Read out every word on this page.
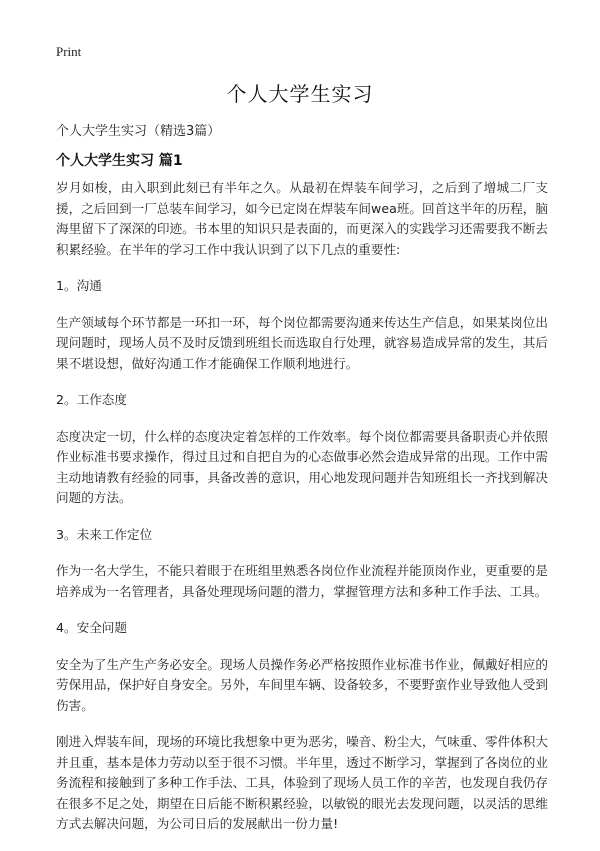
Print
个人大学生实习
个人大学生实习（精选3篇）
个人大学生实习 篇1

岁月如梭，由入职到此刻已有半年之久。从最初在焊装车间学习，之后到了增城二厂支援，之后回到一厂总装车间学习，如今已定岗在焊装车间wea班。回首这半年的历程，脑海里留下了深深的印迹。书本里的知识只是表面的，而更深入的实践学习还需要我不断去积累经验。在半年的学习工作中我认识到了以下几点的重要性:

1。沟通

生产领域每个环节都是一环扣一环，每个岗位都需要沟通来传达生产信息，如果某岗位出现问题时，现场人员不及时反馈到班组长而选取自行处理，就容易造成异常的发生，其后果不堪设想，做好沟通工作才能确保工作顺利地进行。

2。工作态度

态度决定一切，什么样的态度决定着怎样的工作效率。每个岗位都需要具备职责心并依照作业标准书要求操作，得过且过和自把自为的心态做事必然会造成异常的出现。工作中需主动地请教有经验的同事，具备改善的意识，用心地发现问题并告知班组长一齐找到解决问题的方法。

3。未来工作定位

作为一名大学生，不能只着眼于在班组里熟悉各岗位作业流程并能顶岗作业，更重要的是培养成为一名管理者，具备处理现场问题的潜力，掌握管理方法和多种工作手法、工具。

4。安全问题

安全为了生产生产务必安全。现场人员操作务必严格按照作业标准书作业，佩戴好相应的劳保用品，保护好自身安全。另外，车间里车辆、设备较多，不要野蛮作业导致他人受到伤害。

刚进入焊装车间，现场的环境比我想象中更为恶劣，噪音、粉尘大，气味重、零件体积大并且重，基本是体力劳动以至于很不习惯。半年里，透过不断学习，掌握到了各岗位的业务流程和接触到了多种工作手法、工具，体验到了现场人员工作的辛苦，也发现自我仍存在很多不足之处，期望在日后能不断积累经验，以敏锐的眼光去发现问题，以灵活的思维方式去解决问题，为公司日后的发展献出一份力量!
